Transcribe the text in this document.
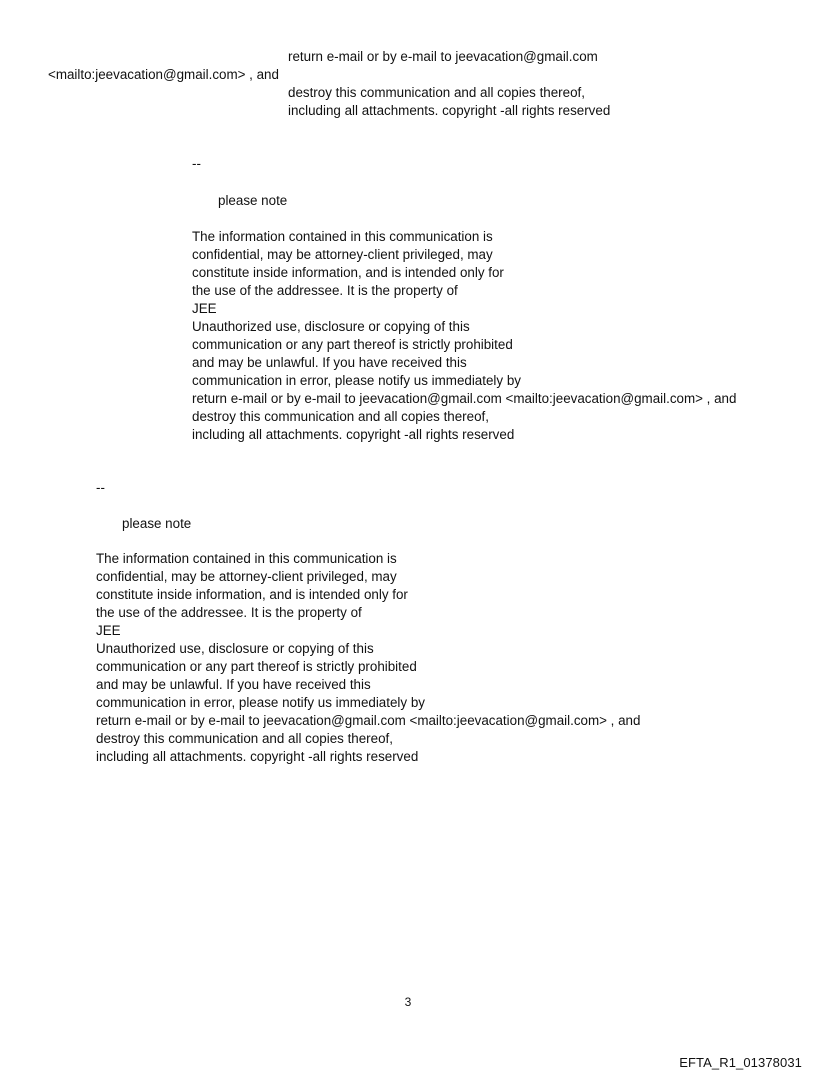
return e-mail or by e-mail to jeevacation@gmail.com

<mailto:jeevacation@gmail.com> , and

destroy this communication and all copies thereof,

including all attachments. copyright -all rights reserved

--

please note

The information contained in this communication is

confidential, may be attorney-client privileged, may

constitute inside information, and is intended only for

the use of the addressee. It is the property of

JEE

Unauthorized use, disclosure or copying of this

communication or any part thereof is strictly prohibited

and may be unlawful. If you have received this

communication in error, please notify us immediately by

return e-mail or by e-mail to jeevacation@gmail.com <mailto:jeevacation@gmail.com> , and

destroy this communication and all copies thereof,

including all attachments. copyright -all rights reserved

--

please note

The information contained in this communication is

confidential, may be attorney-client privileged, may

constitute inside information, and is intended only for

the use of the addressee. It is the property of

JEE

Unauthorized use, disclosure or copying of this

communication or any part thereof is strictly prohibited

and may be unlawful. If you have received this

communication in error, please notify us immediately by

return e-mail or by e-mail to jeevacation@gmail.com <mailto:jeevacation@gmail.com> , and

destroy this communication and all copies thereof,

including all attachments. copyright -all rights reserved

3
EFTA_R1_01378031
